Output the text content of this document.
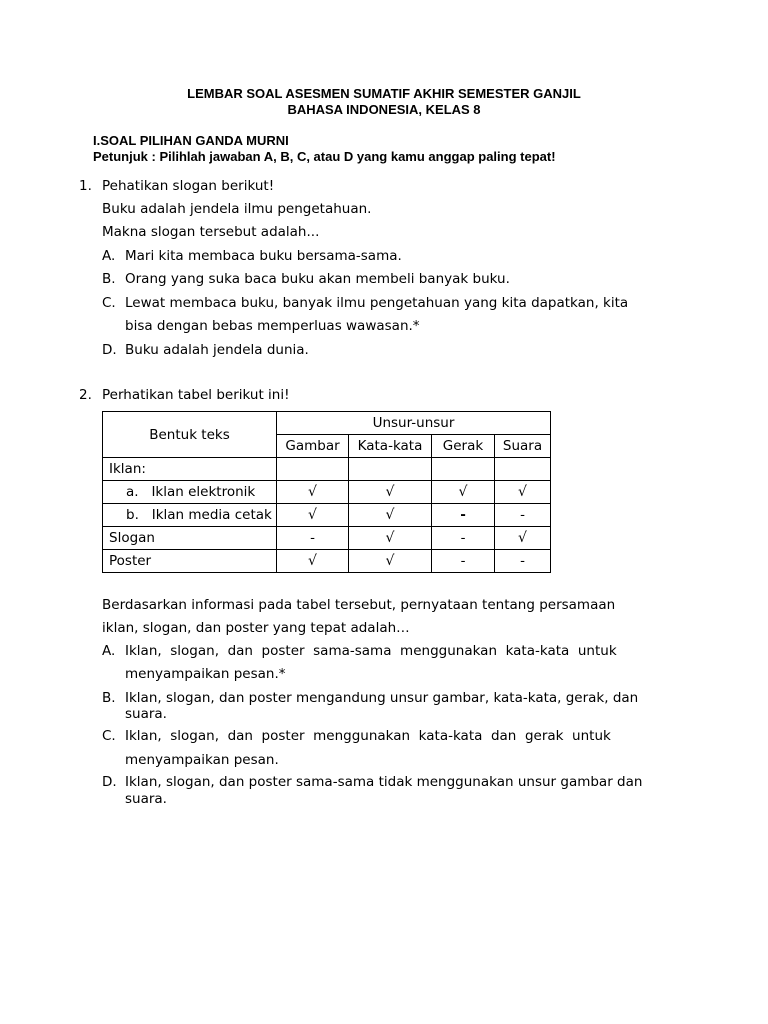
LEMBAR SOAL ASESMEN SUMATIF AKHIR SEMESTER GANJIL
BAHASA INDONESIA, KELAS 8
I.SOAL PILIHAN GANDA MURNI
Petunjuk : Pilihlah jawaban A, B, C, atau D yang kamu anggap paling tepat!
1. Pehatikan slogan berikut!
Buku adalah jendela ilmu pengetahuan.
Makna slogan tersebut adalah...
A. Mari kita membaca buku bersama-sama.
B. Orang yang suka baca buku akan membeli banyak buku.
C. Lewat membaca buku, banyak ilmu pengetahuan yang kita dapatkan, kita
bisa dengan bebas memperluas wawasan.*
D. Buku adalah jendela dunia.
2. Perhatikan tabel berikut ini!
Bentuk teks	Unsur-unsur			
	Gambar	Kata-kata	Gerak	Suara
Iklan:				
a.   Iklan elektronik	√	√	√	√
b.   Iklan media cetak	√	√	-	-
Slogan	-	√	-	√
Poster	√	√	-	-
Berdasarkan informasi pada tabel tersebut, pernyataan tentang persamaan
iklan, slogan, dan poster yang tepat adalah…
A. Iklan,  slogan,  dan  poster  sama-sama  menggunakan  kata-kata  untuk
menyampaikan pesan.*
B. Iklan, slogan, dan poster mengandung unsur gambar, kata-kata, gerak, dan
suara.
C. Iklan,  slogan,  dan  poster  menggunakan  kata-kata  dan  gerak  untuk
menyampaikan pesan.
D. Iklan, slogan, dan poster sama-sama tidak menggunakan unsur gambar dan
suara.
